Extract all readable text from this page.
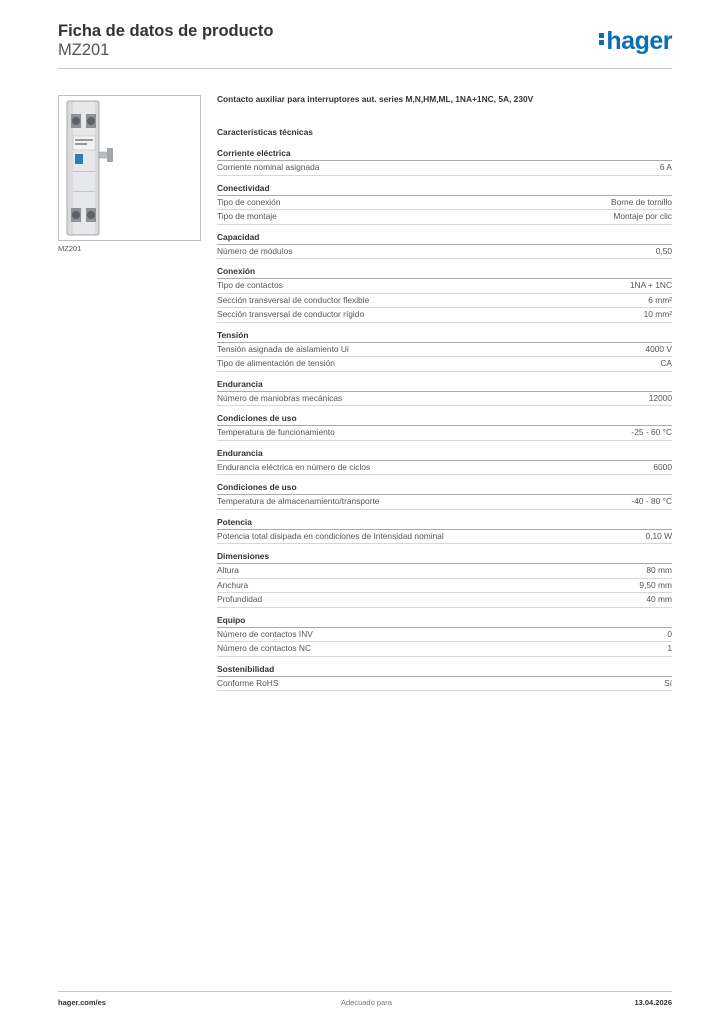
Ficha de datos de producto
MZ201	hager
MZ201
Contacto auxiliar para interruptores aut. series M,N,HM,ML, 1NA+1NC, 5A, 230V
Características técnicas
Corriente eléctrica
Corriente nominal asignada	6 A
Conectividad
Tipo de conexión	Borne de tornillo
Tipo de montaje	Montaje por clic
Capacidad
Número de módulos	0,50
Conexión
Tipo de contactos	1NA + 1NC
Sección transversal de conductor flexible	6 mm²
Sección transversal de conductor rígido	10 mm²
Tensión
Tensión asignada de aislamiento Ui	4000 V
Tipo de alimentación de tensión	CA
Endurancia
Número de maniobras mecánicas	12000
Condiciones de uso
Temperatura de funcionamiento	-25 - 60 °C
Endurancia
Endurancia eléctrica en número de ciclos	6000
Condiciones de uso
Temperatura de almacenamiento/transporte	-40 - 80 °C
Potencia
Potencia total disipada en condiciones de Intensidad nominal	0,10 W
Dimensiones
Altura	80 mm
Anchura	9,50 mm
Profundidad	40 mm
Equipo
Número de contactos INV	0
Número de contactos NC	1
Sostenibilidad
Conforme RoHS	Sí
hager.com/es	Adecuado para	13.04.2026
